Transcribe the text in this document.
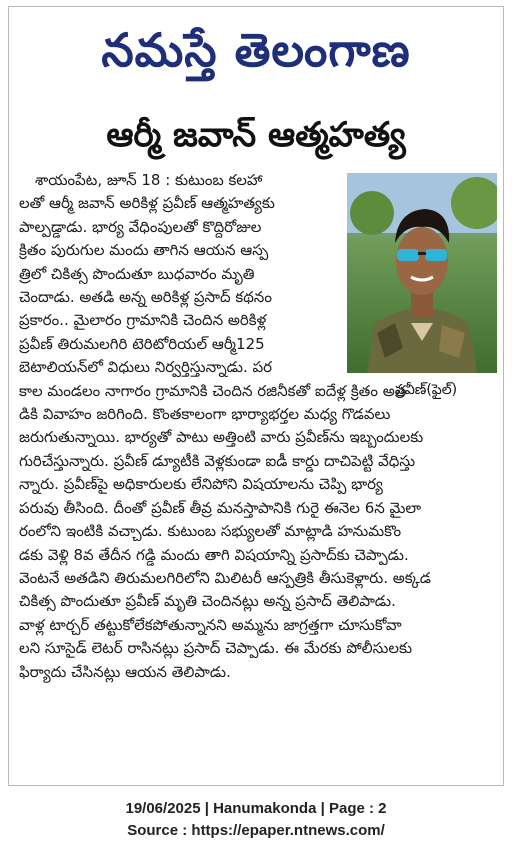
నమస్తే తెలంగాణ
ఆర్మీ జవాన్ ఆత్మహత్య
ప్రవీణ్(ఫైల్)
శాయంపేట, జూన్ 18 : కుటుంబ కలహా
లతో ఆర్మీ జవాన్ అరికిళ్ల ప్రవీణ్ ఆత్మహత్యకు
పాల్పడ్డాడు. భార్య వేధింపులతో కొద్దిరోజుల
క్రితం పురుగుల మందు తాగిన ఆయన ఆస్ప
త్రిలో చికిత్స పొందుతూ బుధవారం మృతి
చెందాడు. అతడి అన్న అరికిళ్ల ప్రసాద్ కథనం
ప్రకారం.. మైలారం గ్రామానికి చెందిన అరికిళ్ల
ప్రవీణ్ తిరుమలగిరి టెరిటోరియల్ ఆర్మీ125
బెటాలియన్‌లో విధులు నిర్వర్తిస్తున్నాడు. పర
కాల మండలం నాగారం గ్రామానికి చెందిన రజినీకతో ఐదేళ్ల క్రితం అత
డికి వివాహం జరిగింది. కొంతకాలంగా భార్యాభర్తల మధ్య గొడవలు
జరుగుతున్నాయి. భార్యతో పాటు అత్తింటి వారు ప్రవీణ్‌ను ఇబ్బందులకు
గురిచేస్తున్నారు. ప్రవీణ్ డ్యూటీకి వెళ్లకుండా ఐడీ కార్డు దాచిపెట్టి వేధిస్తు
న్నారు. ప్రవీణ్‌పై అధికారులకు లేనిపోని విషయాలను చెప్పి భార్య
పరువు తీసింది. దీంతో ప్రవీణ్ తీవ్ర మనస్తాపానికి గురై ఈనెల 6న మైలా
రంలోని ఇంటికి వచ్చాడు. కుటుంబ సభ్యులతో మాట్లాడి హనుమకొం
డకు వెళ్లి 8వ తేదీన గడ్డి మందు తాగి విషయాన్ని ప్రసాద్‌కు చెప్పాడు.
వెంటనే అతడిని తిరుమలగిరిలోని మిలిటరీ ఆస్పత్రికి తీసుకెళ్లారు. అక్కడ
చికిత్స పొందుతూ ప్రవీణ్ మృతి చెందినట్లు అన్న ప్రసాద్ తెలిపాడు.
వాళ్ల టార్చర్ తట్టుకోలేకపోతున్నానని అమ్మను జాగ్రత్తగా చూసుకోవా
లని సూసైడ్ లెటర్ రాసినట్లు ప్రసాద్ చెప్పాడు. ఈ మేరకు పోలీసులకు
ఫిర్యాదు చేసినట్లు ఆయన తెలిపాడు.
19/06/2025 | Hanumakonda | Page : 2
Source : https://epaper.ntnews.com/
